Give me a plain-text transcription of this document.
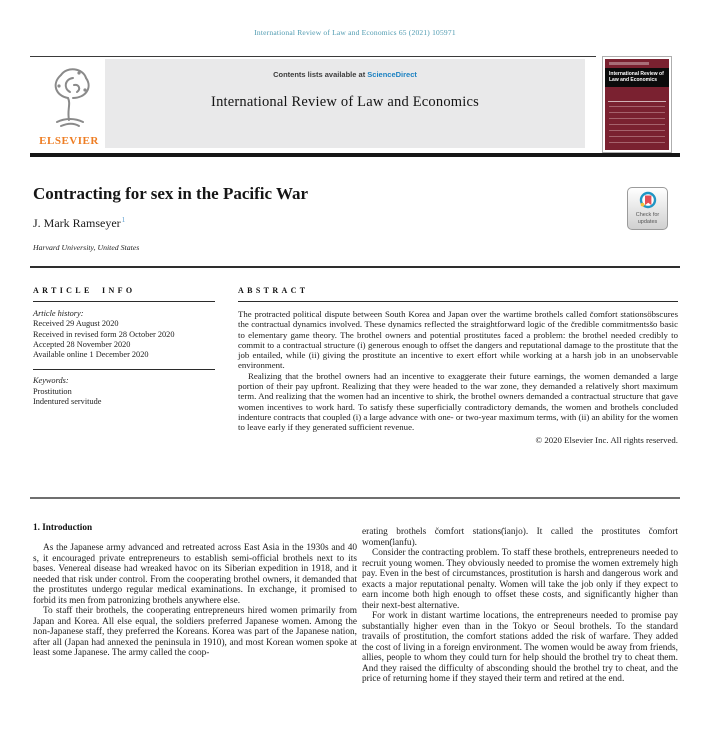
International Review of Law and Economics 65 (2021) 105971
ELSEVIER
Contents lists available at ScienceDirect
International Review of Law and Economics
International Review of Law and Economics
Contracting for sex in the Pacific War
Check for updates
J. Mark Ramseyer$^1$
Harvard University, United States
ARTICLE INFO
Article history:
Received 29 August 2020
Received in revised form 28 October 2020
Accepted 28 November 2020
Available online 1 December 2020
Keywords:
Prostitution
Indentured servitude
ABSTRACT

The protracted political dispute between South Korea and Japan over the wartime brothels called c̆omfort stationsöbscures the contractual dynamics involved. These dynamics reflected the straightforward logic of the c̆redible commitmentss̆o basic to elementary game theory. The brothel owners and potential prostitutes faced a problem: the brothel needed credibly to commit to a contractual structure (i) generous enough to offset the dangers and reputational damage to the prostitute that the job entailed, while (ii) giving the prostitute an incentive to exert effort while working at a harsh job in an unobservable environment.

Realizing that the brothel owners had an incentive to exaggerate their future earnings, the women demanded a large portion of their pay upfront. Realizing that they were headed to the war zone, they demanded a relatively short maximum term. And realizing that the women had an incentive to shirk, the brothel owners demanded a contractual structure that gave women incentives to work hard. To satisfy these superficially contradictory demands, the women and brothels concluded indenture contracts that coupled (i) a large advance with one- or two-year maximum terms, with (ii) an ability for the women to leave early if they generated sufficient revenue.

© 2020 Elsevier Inc. All rights reserved.
1. Introduction

As the Japanese army advanced and retreated across East Asia in the 1930s and 40 s, it encouraged private entrepreneurs to establish semi-official brothels next to its bases. Venereal disease had wreaked havoc on its Siberian expedition in 1918, and it needed that risk under control. From the cooperating brothel owners, it demanded that the prostitutes undergo regular medical examinations. In exchange, it promised to forbid its men from patronizing brothels anywhere else.

To staff their brothels, the cooperating entrepreneurs hired women primarily from Japan and Korea. All else equal, the soldiers preferred Japanese women. Among the non-Japanese staff, they preferred the Koreans. Korea was part of the Japanese nation, after all (Japan had annexed the peninsula in 1910), and most Korean women spoke at least some Japanese. The army called the coop-

erating brothels c̆omfort stations(̈ianjo). It called the prostitutes c̆omfort women(̈ianfu).

Consider the contracting problem. To staff these brothels, entrepreneurs needed to recruit young women. They obviously needed to promise the women extremely high pay. Even in the best of circumstances, prostitution is harsh and dangerous work and exacts a major reputational penalty. Women will take the job only if they expect to earn income both high enough to offset these costs, and significantly higher than their next-best alternative.

For work in distant wartime locations, the entrepreneurs needed to promise pay substantially higher even than in the Tokyo or Seoul brothels. To the standard travails of prostitution, the comfort stations added the risk of warfare. They added the cost of living in a foreign environment. The women would be away from friends, allies, people to whom they could turn for help should the brothel try to cheat them. And they raised the difficulty of absconding should the brothel try to cheat, and the price of returning home if they stayed their term and retired at the end.
